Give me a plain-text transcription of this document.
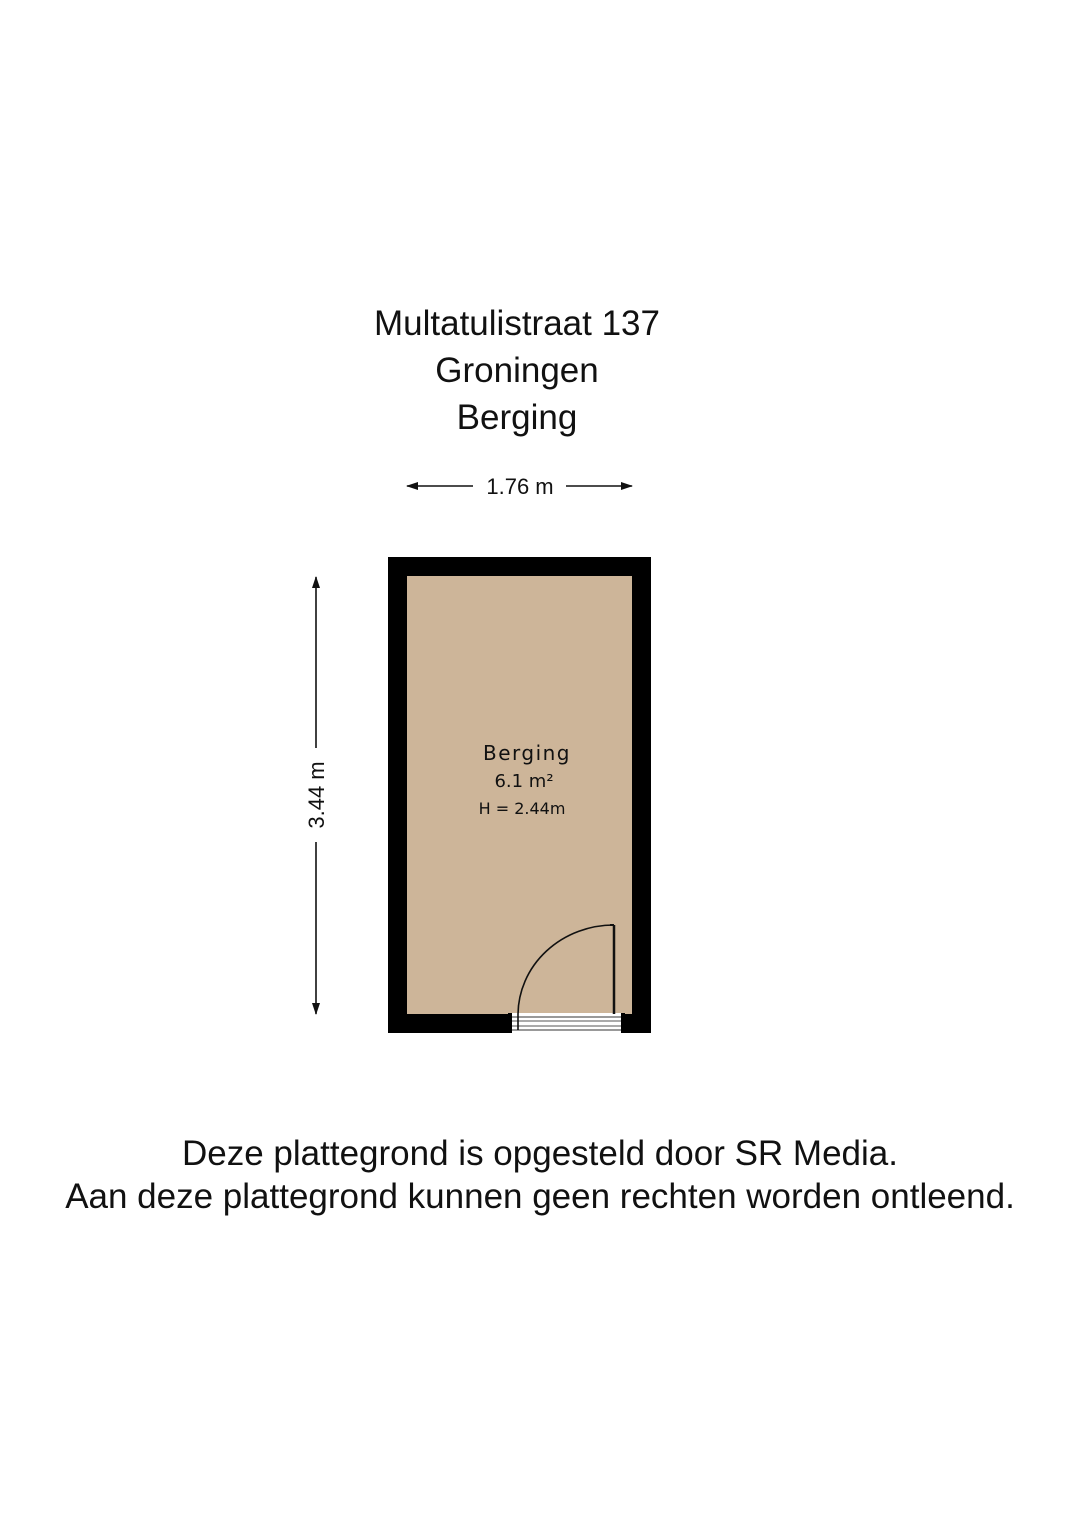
Multatulistraat 137
Groningen
Berging
1.76 m
3.44 m
Berging
6.1 m²
H = 2.44m
Deze plattegrond is opgesteld door SR Media.
Aan deze plattegrond kunnen geen rechten worden ontleend.
